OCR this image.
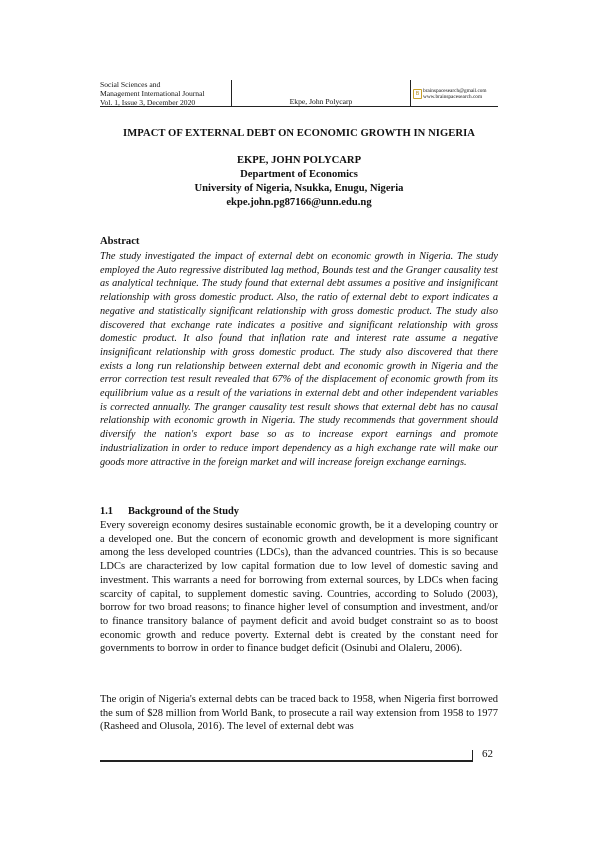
Social Sciences and
Management International Journal
Vol. 1, Issue 3, December 2020	Ekpe, John Polycarp
B brainspacesearch@gmail.com
www.brainspacesearch.com
IMPACT OF EXTERNAL DEBT ON ECONOMIC GROWTH IN NIGERIA
EKPE, JOHN POLYCARP
Department of Economics
University of Nigeria, Nsukka, Enugu, Nigeria
ekpe.john.pg87166@unn.edu.ng
Abstract
The study investigated the impact of external debt on economic growth in Nigeria. The study employed the Auto regressive distributed lag method, Bounds test and the Granger causality test as analytical technique. The study found that external debt assumes a positive and insignificant relationship with gross domestic product. Also, the ratio of external debt to export indicates a negative and statistically significant relationship with gross domestic product. The study also discovered that exchange rate indicates a positive and significant relationship with gross domestic product. It also found that inflation rate and interest rate assume a negative insignificant relationship with gross domestic product. The study also discovered that there exists a long run relationship between external debt and economic growth in Nigeria and the error correction test result revealed that 67% of the displacement of economic growth from its equilibrium value as a result of the variations in external debt and other independent variables is corrected annually. The granger causality test result shows that external debt has no causal relationship with economic growth in Nigeria. The study recommends that government should diversify the nation's export base so as to increase export earnings and promote industrialization in order to reduce import dependency as a high exchange rate will make our goods more attractive in the foreign market and will increase foreign exchange earnings.
1.1 Background of the Study
Every sovereign economy desires sustainable economic growth, be it a developing country or a developed one. But the concern of economic growth and development is more significant among the less developed countries (LDCs), than the advanced countries. This is so because LDCs are characterized by low capital formation due to low level of domestic saving and investment. This warrants a need for borrowing from external sources, by LDCs when facing scarcity of capital, to supplement domestic saving. Countries, according to Soludo (2003), borrow for two broad reasons; to finance higher level of consumption and investment, and/or to finance transitory balance of payment deficit and avoid budget constraint so as to boost economic growth and reduce poverty. External debt is created by the constant need for governments to borrow in order to finance budget deficit (Osinubi and Olaleru, 2006).
The origin of Nigeria's external debts can be traced back to 1958, when Nigeria first borrowed the sum of $28 million from World Bank, to prosecute a rail way extension from 1958 to 1977 (Rasheed and Olusola, 2016). The level of external debt was
62
